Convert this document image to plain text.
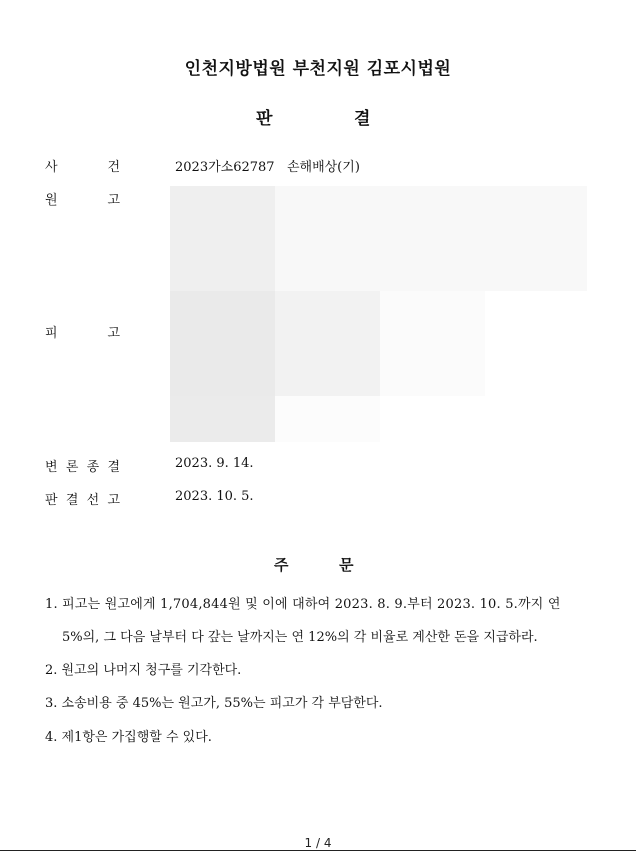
인천지방법원 부천지원 김포시법원
판	결
사	건	2023가소62787   손해배상(기)
원	고
피	고
변 론 종 결	2023. 9. 14.
판 결 선 고	2023. 10. 5.
주	문
1. 피고는 원고에게 1,704,844원 및 이에 대하여 2023. 8. 9.부터 2023. 10. 5.까지 연
5%의, 그 다음 날부터 다 갚는 날까지는 연 12%의 각 비율로 계산한 돈을 지급하라.
2. 원고의 나머지 청구를 기각한다.
3. 소송비용 중 45%는 원고가, 55%는 피고가 각 부담한다.
4. 제1항은 가집행할 수 있다.
1 / 4
